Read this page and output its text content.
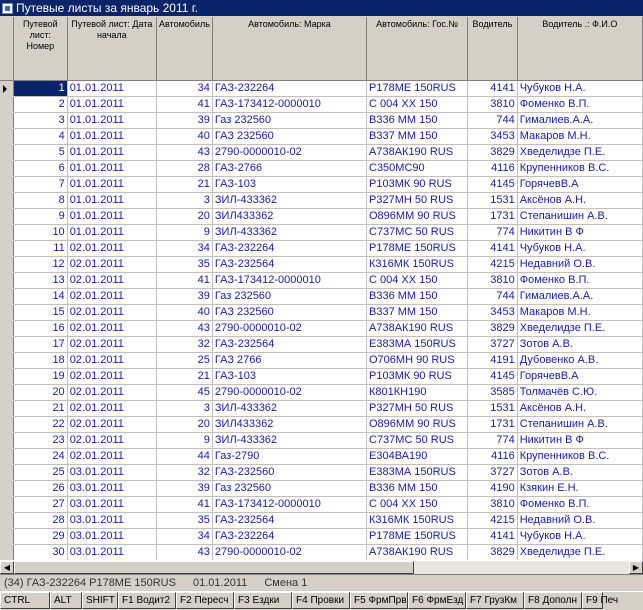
Путевые листы за январь 2011 г.
	Путевой лист: Номер	Путевой лист: Дата начала	Автомобиль	Автомобиль: Марка	Автомобиль: Гос.№	Водитель	Водитель .: Ф.И.О

	1	01.01.2011	34	ГАЗ-232264	Р178МЕ 150RUS	4141	Чубуков Н.А.
	2	01.01.2011	41	ГАЗ-173412-0000010	С 004 ХХ 150	3810	Фоменко В.П.
	3	01.01.2011	39	Газ 232560	В336 ММ 150	744	Гималиев.А.А.
	4	01.01.2011	40	ГАЗ 232560	В337 ММ 150	3453	Макаров М.Н.
	5	01.01.2011	43	2790-0000010-02	А738АК190 RUS	3829	Хведелидзе П.Е.
	6	01.01.2011	28	ГАЗ-2766	С350МС90	4116	Крупенников В.С.
	7	01.01.2011	21	ГАЗ-103	Р103МК 90 RUS	4145	ГорячевВ.А
	8	01.01.2011	3	ЗИЛ-433362	Р327МН 50 RUS	1531	Аксёнов А.Н.
	9	01.01.2011	20	ЗИЛ433362	О896ММ 90 RUS	1731	Степанишин А.В.
	10	01.01.2011	9	ЗИЛ-433362	С737МС 50 RUS	774	Никитин В Ф
	11	02.01.2011	34	ГАЗ-232264	Р178МЕ 150RUS	4141	Чубуков Н.А.
	12	02.01.2011	35	ГАЗ-232564	К316МК 150RUS	4215	Недавний О.В.
	13	02.01.2011	41	ГАЗ-173412-0000010	С 004 ХХ 150	3810	Фоменко В.П.
	14	02.01.2011	39	Газ 232560	В336 ММ 150	744	Гималиев.А.А.
	15	02.01.2011	40	ГАЗ 232560	В337 ММ 150	3453	Макаров М.Н.
	16	02.01.2011	43	2790-0000010-02	А738АК190 RUS	3829	Хведелидзе П.Е.
	17	02.01.2011	32	ГАЗ-232564	Е383МА 150RUS	3727	Зотов А.В.
	18	02.01.2011	25	ГАЗ 2766	О706МН 90 RUS	4191	Дубовенко А.В.
	19	02.01.2011	21	ГАЗ-103	Р103МК 90 RUS	4145	ГорячевВ.А
	20	02.01.2011	45	2790-0000010-02	К801КН190	3585	Толмачёв С.Ю.
	21	02.01.2011	3	ЗИЛ-433362	Р327МН 50 RUS	1531	Аксёнов А.Н.
	22	02.01.2011	20	ЗИЛ433362	О896ММ 90 RUS	1731	Степанишин А.В.
	23	02.01.2011	9	ЗИЛ-433362	С737МС 50 RUS	774	Никитин В Ф
	24	02.01.2011	44	Газ-2790	Е304ВА190	4116	Крупенников В.С.
	25	03.01.2011	32	ГАЗ-232560	Е383МА 150RUS	3727	Зотов А.В.
	26	03.01.2011	39	Газ 232560	В336 ММ 150	4190	Кзякин Е.Н.
	27	03.01.2011	41	ГАЗ-173412-0000010	С 004 ХХ 150	3810	Фоменко В.П.
	28	03.01.2011	35	ГАЗ-232564	К316МК 150RUS	4215	Недавний О.В.
	29	03.01.2011	34	ГАЗ-232264	Р178МЕ 150RUS	4141	Чубуков Н.А.
	30	03.01.2011	43	2790-0000010-02	А738АК190 RUS	3829	Хведелидзе П.Е.
◀	▶
(34) ГАЗ-232264 Р178МЕ 150RUS 01.01.2011 Смена 1
CTRL	ALT	SHIFT F1 Водит2 F2 Пересч F3 Ездки	F4 Провки F5 ФрмПрв F6 ФрмЕзд F7 ГрузКм	F8 Дополн F9 Печ
